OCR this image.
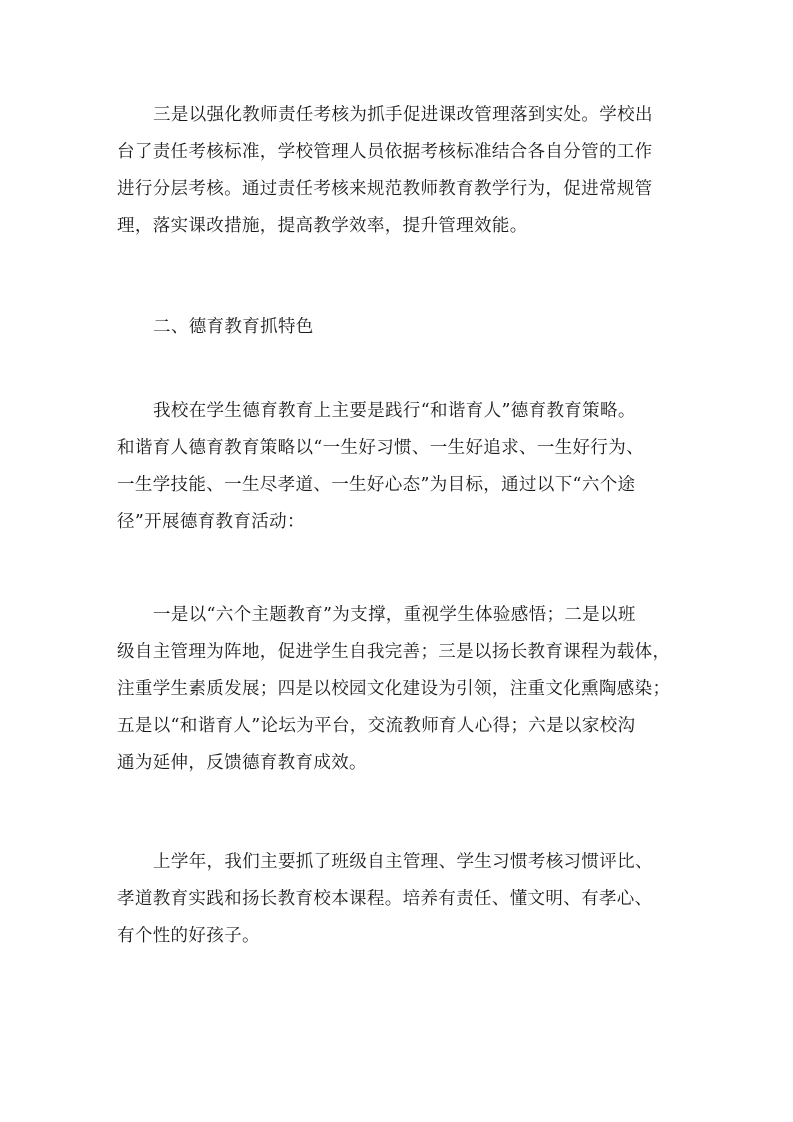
三是以强化教师责任考核为抓手促进课改管理落到实处。学校出
台了责任考核标准，学校管理人员依据考核标准结合各自分管的工作
进行分层考核。通过责任考核来规范教师教育教学行为，促进常规管
理，落实课改措施，提高教学效率，提升管理效能。
二、德育教育抓特色
我校在学生德育教育上主要是践行“和谐育人”德育教育策略。
和谐育人德育教育策略以“一生好习惯、一生好追求、一生好行为、
一生学技能、一生尽孝道、一生好心态”为目标，通过以下“六个途
径”开展德育教育活动：
一是以“六个主题教育”为支撑，重视学生体验感悟；二是以班
级自主管理为阵地，促进学生自我完善；三是以扬长教育课程为载体，
注重学生素质发展；四是以校园文化建设为引领，注重文化熏陶感染；
五是以“和谐育人”论坛为平台，交流教师育人心得；六是以家校沟
通为延伸，反馈德育教育成效。
上学年，我们主要抓了班级自主管理、学生习惯考核习惯评比、
孝道教育实践和扬长教育校本课程。培养有责任、懂文明、有孝心、
有个性的好孩子。
